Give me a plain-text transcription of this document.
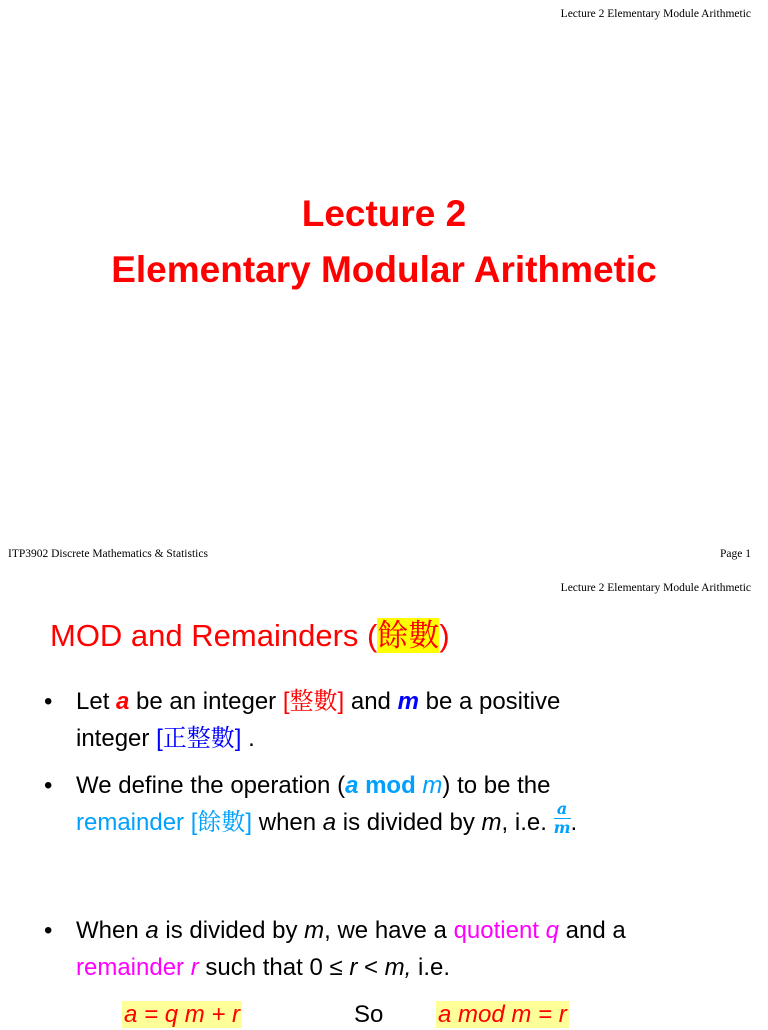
Lecture 2 Elementary Module Arithmetic
Lecture 2
Elementary Modular Arithmetic
ITP3902 Discrete Mathematics & Statistics	Page 1
Lecture 2 Elementary Module Arithmetic
MOD and Remainders (餘數)
• Let a be an integer [整數] and m be a positive
integer [正整數] .
• We define the operation (a mod m) to be the
remainder [餘數] when a is divided by m, i.e. $\frac{a}{m}$ .
• When a is divided by m, we have a quotient q and a
remainder r such that 0 ≤ r < m, i.e.
a = q m + r	So a mod m = r
